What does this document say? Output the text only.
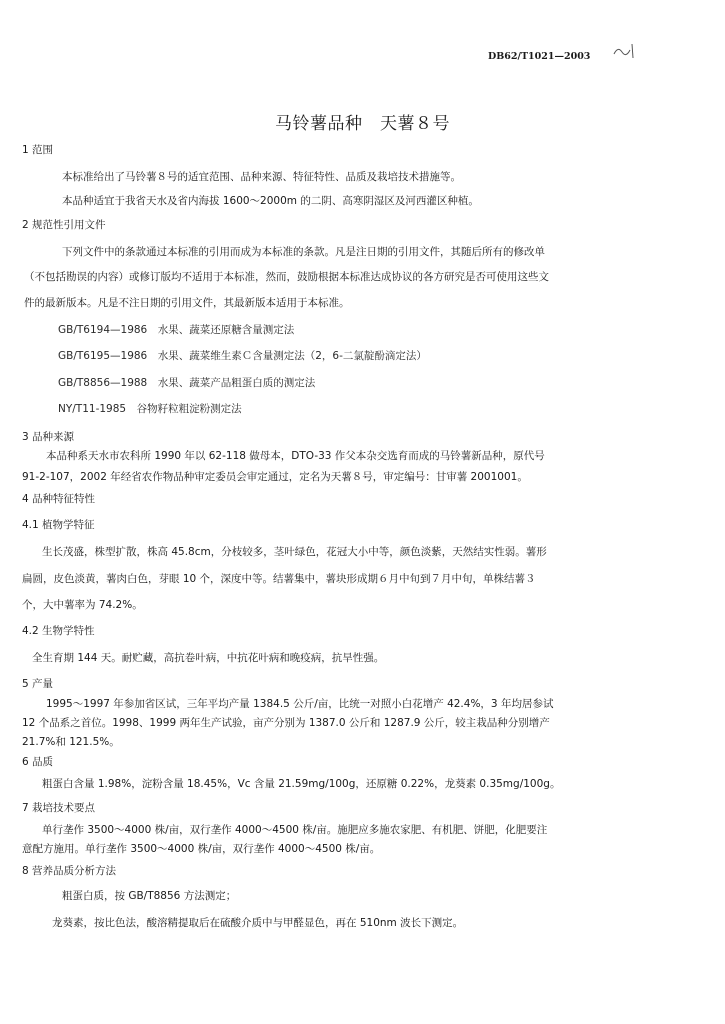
DB62/T1021—2003
马铃薯品种　天薯８号
1 范围
本标准给出了马铃薯８号的适宜范围、品种来源、特征特性、品质及栽培技术措施等。
本品种适宜于我省天水及省内海拔 1600～2000m 的二阴、高寒阴湿区及河西灌区种植。
2 规范性引用文件
下列文件中的条款通过本标准的引用而成为本标准的条款。凡是注日期的引用文件，其随后所有的修改单
（不包括勘误的内容）或修订版均不适用于本标准，然而，鼓励根据本标准达成协议的各方研究是否可使用这些文
件的最新版本。凡是不注日期的引用文件，其最新版本适用于本标准。
GB/T6194—1986　水果、蔬菜还原糖含量测定法
GB/T6195—1986　水果、蔬菜维生素Ｃ含量测定法（2，6-二氯靛酚滴定法）
GB/T8856—1988　水果、蔬菜产品粗蛋白质的测定法
NY/T11-1985　谷物籽粒粗淀粉测定法
3 品种来源
本品种系天水市农科所 1990 年以 62-118 做母本，DTO-33 作父本杂交选育而成的马铃薯新品种，原代号
91-2-107，2002 年经省农作物品种审定委员会审定通过，定名为天薯８号，审定编号：甘审薯 2001001。
4 品种特征特性
4.1 植物学特征
生长茂盛，株型扩散，株高 45.8cm，分枝较多，茎叶绿色，花冠大小中等，颜色淡紫，天然结实性弱。薯形
扁圆，皮色淡黄，薯肉白色，芽眼 10 个，深度中等。结薯集中，薯块形成期６月中旬到７月中旬，单株结薯３
个，大中薯率为 74.2%。
4.2 生物学特性
全生育期 144 天。耐贮藏，高抗卷叶病，中抗花叶病和晚疫病，抗旱性强。
5 产量
1995～1997 年参加省区试，三年平均产量 1384.5 公斤/亩，比统一对照小白花增产 42.4%，3 年均居参试
12 个品系之首位。1998、1999 两年生产试验，亩产分别为 1387.0 公斤和 1287.9 公斤，较主栽品种分别增产
21.7%和 121.5%。
6 品质
粗蛋白含量 1.98%，淀粉含量 18.45%，Vc 含量 21.59mg/100g，还原糖 0.22%，龙葵素 0.35mg/100g。
7 栽培技术要点
单行垄作 3500～4000 株/亩，双行垄作 4000～4500 株/亩。施肥应多施农家肥、有机肥、饼肥，化肥要注
意配方施用。单行垄作 3500～4000 株/亩，双行垄作 4000～4500 株/亩。
8 营养品质分析方法
粗蛋白质，按 GB/T8856 方法测定；
龙葵素，按比色法，酸溶精提取后在硫酸介质中与甲醛显色，再在 510nm 波长下测定。
